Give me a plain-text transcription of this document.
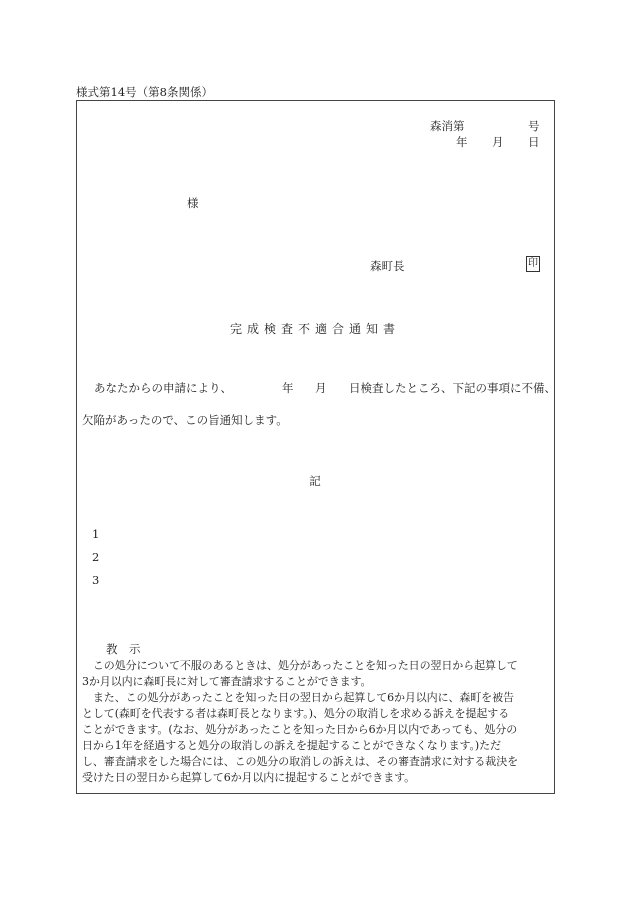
様式第14号（第8条関係）
森消第	号
年 月 日
様
森町長	印
完成検査不適合通知書
あなたからの申請により、	年 月 日検査したところ、下記の事項に不備、
欠陥があったので、この旨通知します。
記
1
2
3
教　示
　この処分について不服のあるときは、処分があったことを知った日の翌日から起算して
3か月以内に森町長に対して審査請求することができます。
　また、この処分があったことを知った日の翌日から起算して6か月以内に、森町を被告
として(森町を代表する者は森町長となります。)、処分の取消しを求める訴えを提起する
ことができます。(なお、処分があったことを知った日から6か月以内であっても、処分の
日から1年を経過すると処分の取消しの訴えを提起することができなくなります。)ただ
し、審査請求をした場合には、この処分の取消しの訴えは、その審査請求に対する裁決を
受けた日の翌日から起算して6か月以内に提起することができます。
